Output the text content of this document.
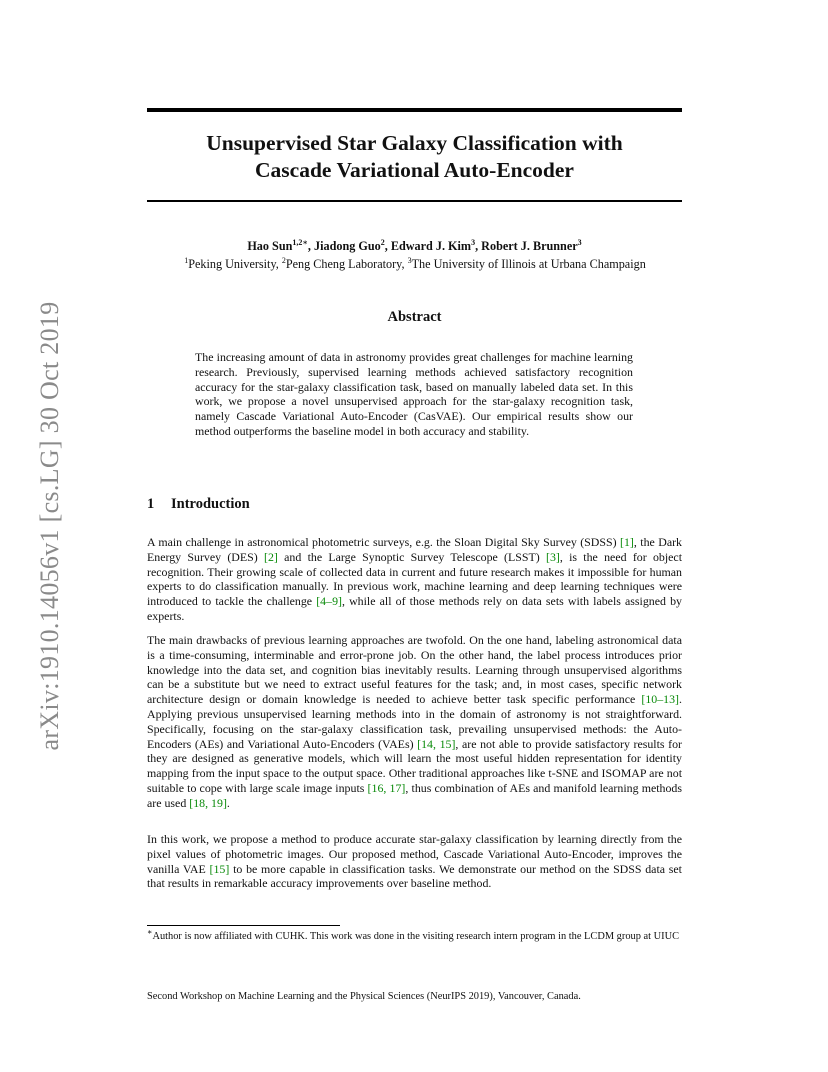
arXiv:1910.14056v1 [cs.LG] 30 Oct 2019
Unsupervised Star Galaxy Classification with
Cascade Variational Auto-Encoder
Hao Sun$^{1,2∗}$, Jiadong Guo$^2$, Edward J. Kim$^3$, Robert J. Brunner$^3$
$^1$Peking University, $^2$Peng Cheng Laboratory, $^3$The University of Illinois at Urbana Champaign
Abstract
The increasing amount of data in astronomy provides great challenges for machine learning research. Previously, supervised learning methods achieved satisfactory recognition accuracy for the star-galaxy classification task, based on manually labeled data set. In this work, we propose a novel unsupervised approach for the star-galaxy recognition task, namely Cascade Variational Auto-Encoder (CasVAE). Our empirical results show our method outperforms the baseline model in both accuracy and stability.
1 Introduction

A main challenge in astronomical photometric surveys, e.g. the Sloan Digital Sky Survey (SDSS) [1], the Dark Energy Survey (DES) [2] and the Large Synoptic Survey Telescope (LSST) [3], is the need for object recognition. Their growing scale of collected data in current and future research makes it impossible for human experts to do classification manually. In previous work, machine learning and deep learning techniques were introduced to tackle the challenge [4–9], while all of those methods rely on data sets with labels assigned by experts.

The main drawbacks of previous learning approaches are twofold. On the one hand, labeling astronomical data is a time-consuming, interminable and error-prone job. On the other hand, the label process introduces prior knowledge into the data set, and cognition bias inevitably results. Learning through unsupervised algorithms can be a substitute but we need to extract useful features for the task; and, in most cases, specific network architecture design or domain knowledge is needed to achieve better task specific performance [10–13]. Applying previous unsupervised learning methods into in the domain of astronomy is not straightforward. Specifically, focusing on the star-galaxy classification task, prevailing unsupervised methods: the Auto-Encoders (AEs) and Variational Auto-Encoders (VAEs) [14, 15], are not able to provide satisfactory results for they are designed as generative models, which will learn the most useful hidden representation for identity mapping from the input space to the output space. Other traditional approaches like t-SNE and ISOMAP are not suitable to cope with large scale image inputs [16, 17], thus combination of AEs and manifold learning methods are used [18, 19].

In this work, we propose a method to produce accurate star-galaxy classification by learning directly from the pixel values of photometric images. Our proposed method, Cascade Variational Auto-Encoder, improves the vanilla VAE [15] to be more capable in classification tasks. We demonstrate our method on the SDSS data set that results in remarkable accuracy improvements over baseline method.

∗Author is now affiliated with CUHK. This work was done in the visiting research intern program in the LCDM group at UIUC
Second Workshop on Machine Learning and the Physical Sciences (NeurIPS 2019), Vancouver, Canada.
